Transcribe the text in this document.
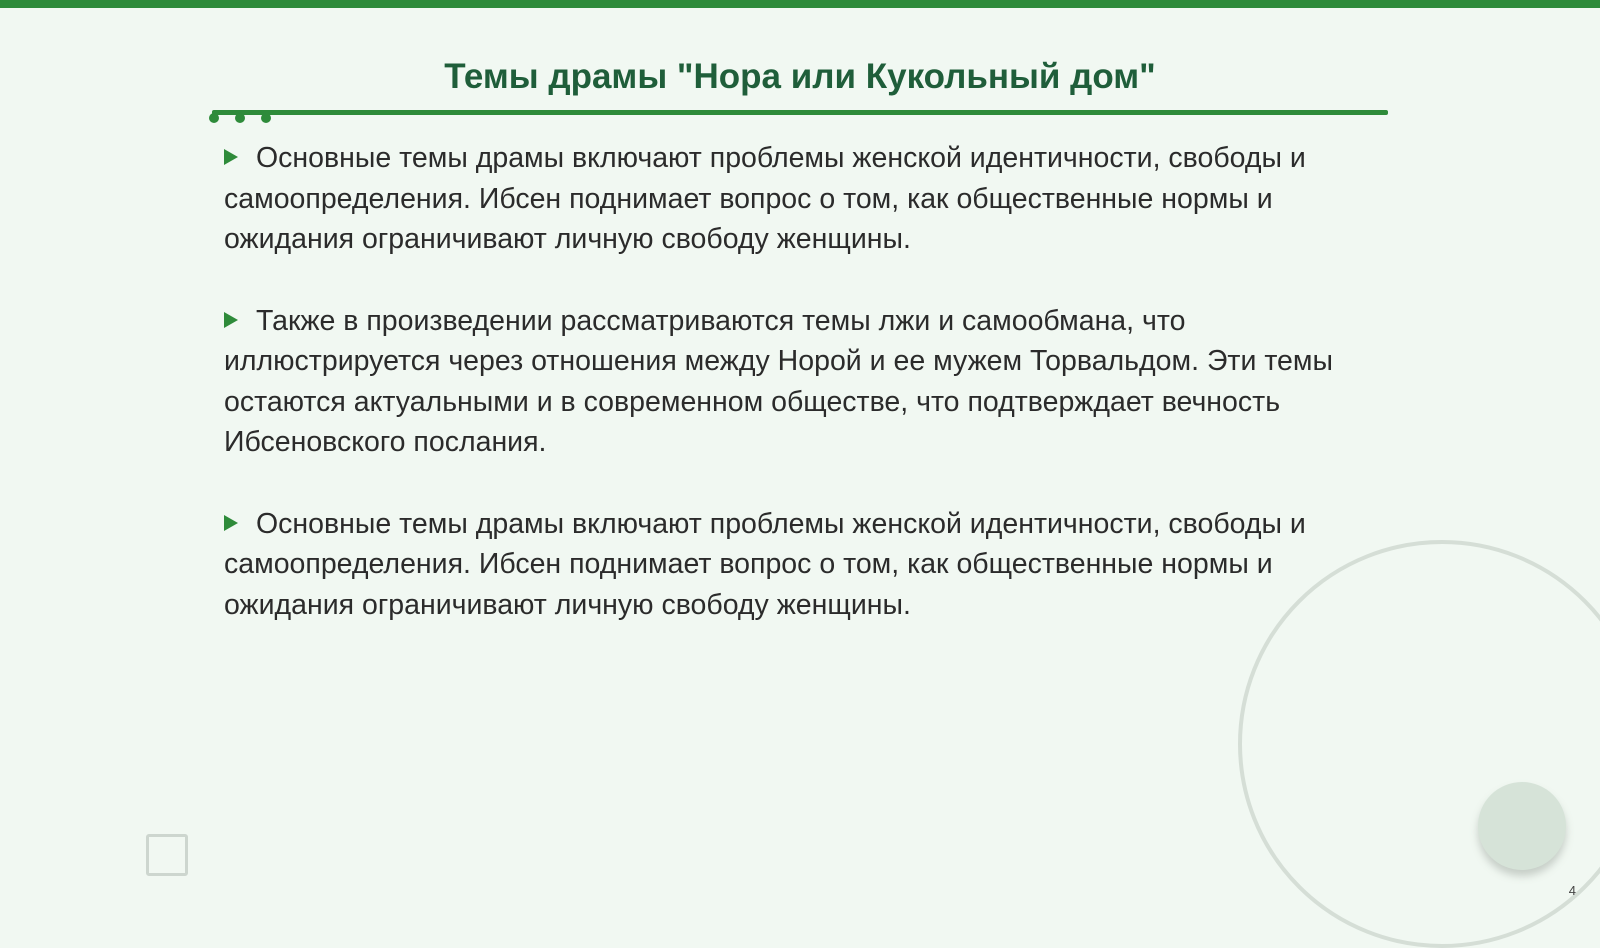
Темы драмы "Нора или Кукольный дом"

Основные темы драмы включают проблемы женской идентичности, свободы и самоопределения. Ибсен поднимает вопрос о том, как общественные нормы и ожидания ограничивают личную свободу женщины.

Также в произведении рассматриваются темы лжи и самообмана, что иллюстрируется через отношения между Норой и ее мужем Торвальдом. Эти темы остаются актуальными и в современном обществе, что подтверждает вечность Ибсеновского послания.

Основные темы драмы включают проблемы женской идентичности, свободы и самоопределения. Ибсен поднимает вопрос о том, как общественные нормы и ожидания ограничивают личную свободу женщины.

4
